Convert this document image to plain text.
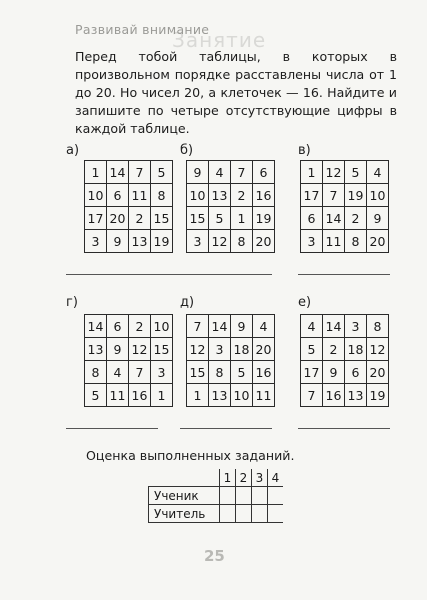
Занятие
Развивай внимание
Перед тобой таблицы, в которых в произвольном порядке расставлены числа от 1 до 20. Но чисел 20, а клеточек — 16. Найдите и запишите по четыре отсутствующие цифры в каждой таблице.
а)
1	14	7	5
10	6	11	8
17	20	2	15
3	9	13	19
б)
9	4	7	6
10	13	2	16
15	5	1	19
3	12	8	20
в)
1	12	5	4
17	7	19	10
6	14	2	9
3	11	8	20
г)
14	6	2	10
13	9	12	15
8	4	7	3
5	11	16	1
д)
7	14	9	4
12	3	18	20
15	8	5	16
1	13	10	11
е)
4	14	3	8
5	2	18	12
17	9	6	20
7	16	13	19
Оценка выполненных заданий.
	1	2	3	4
Ученик				
Учитель				
25
